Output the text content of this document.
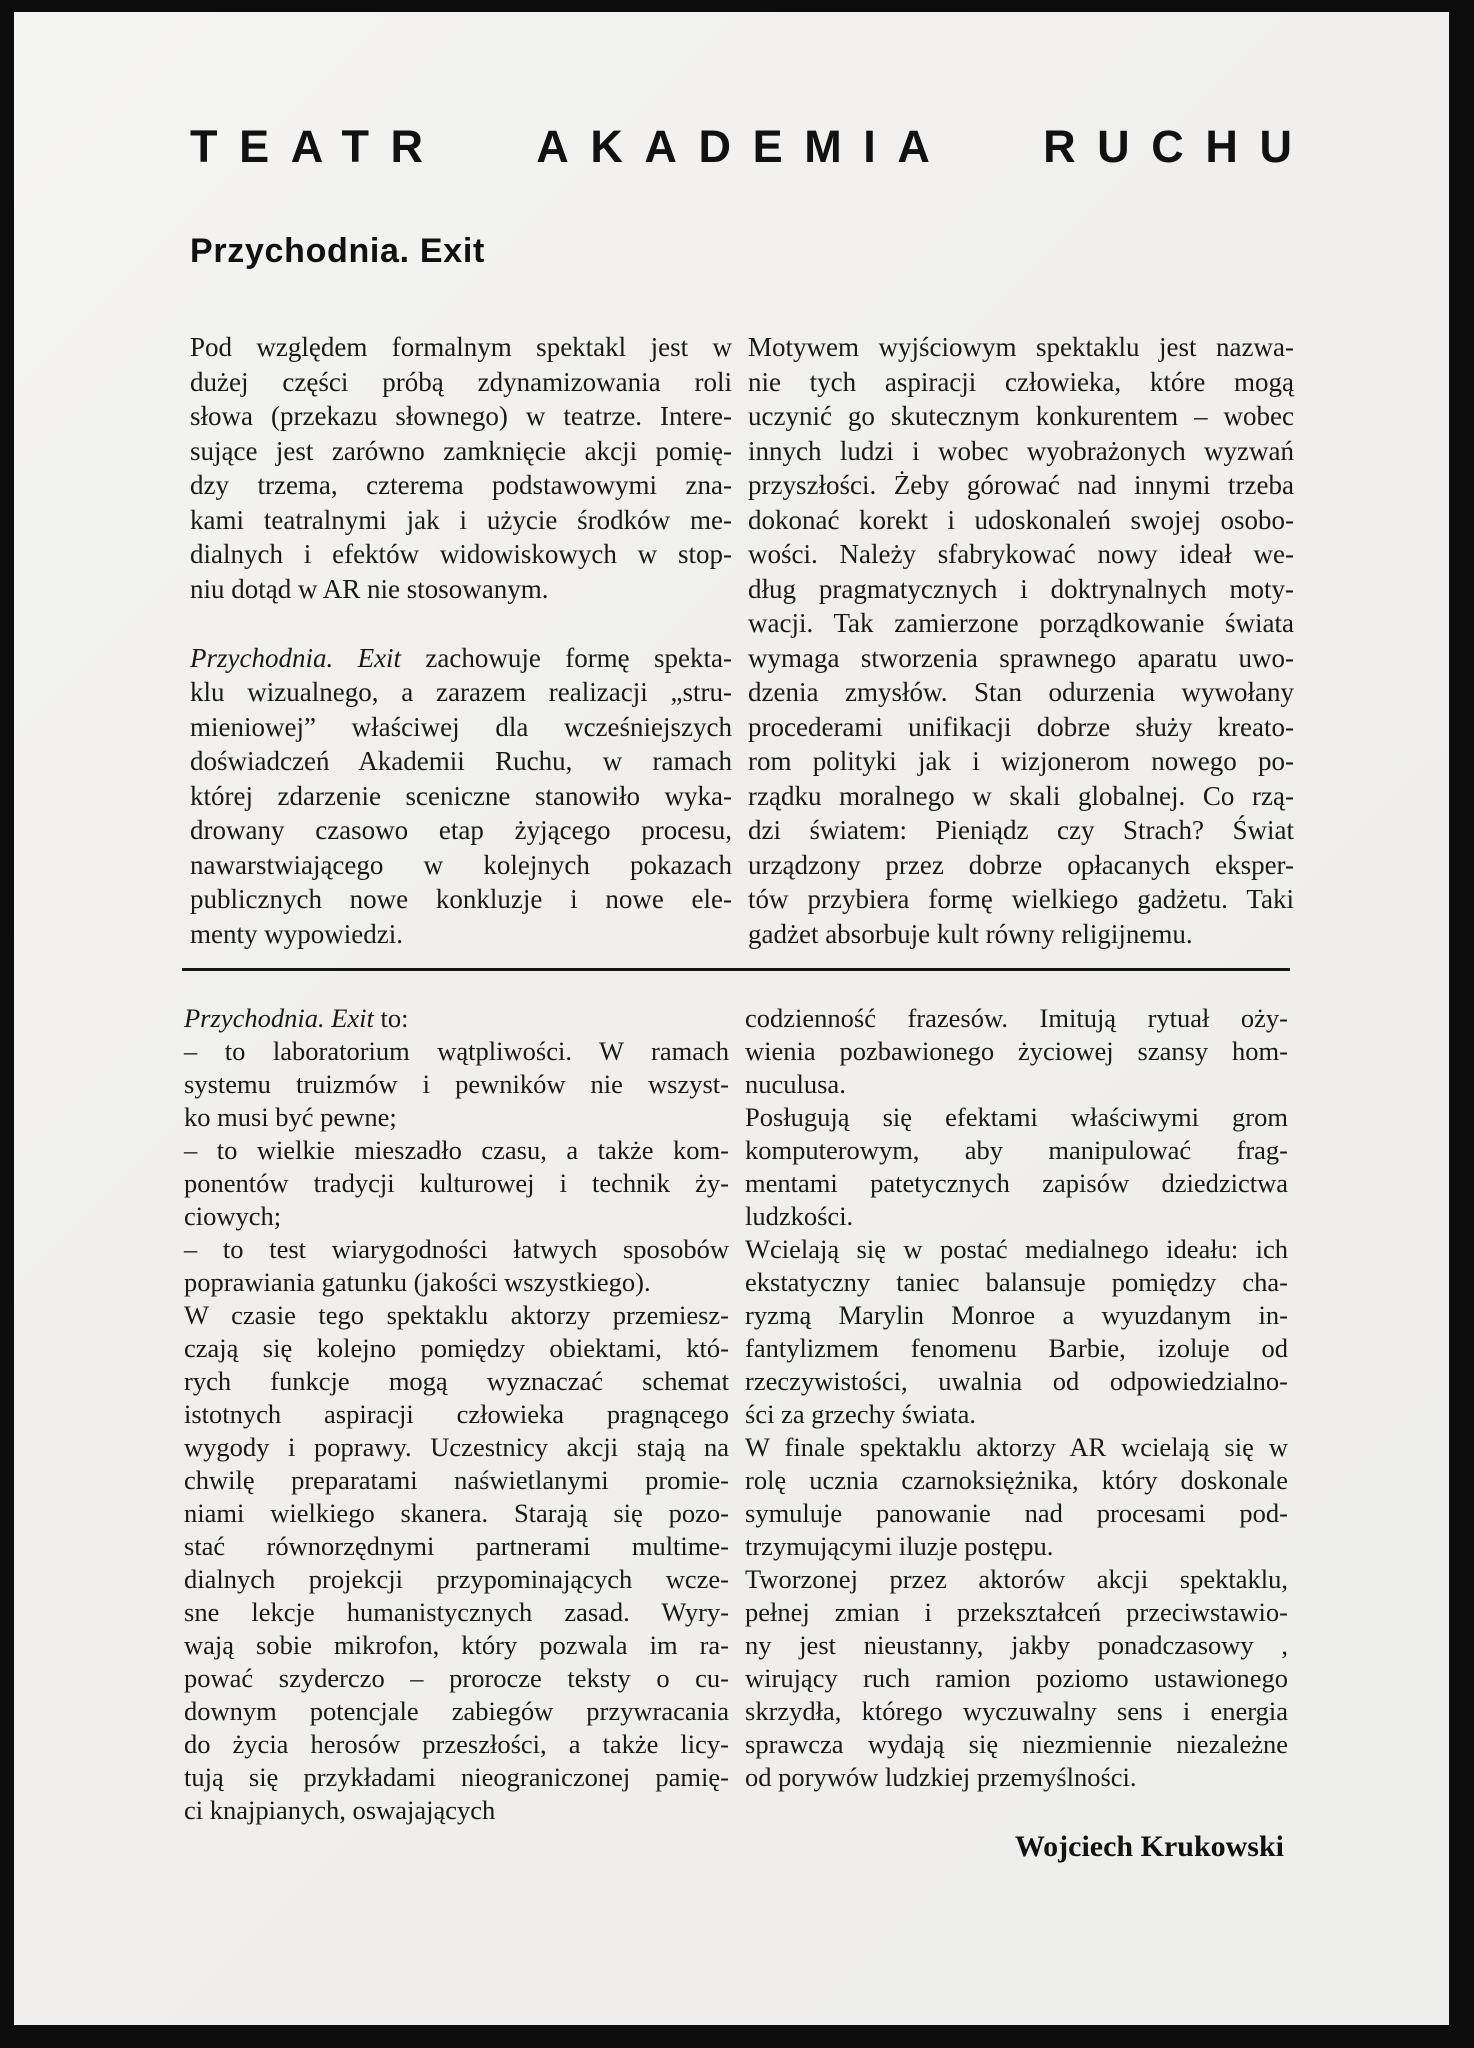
TEATR AKADEMIA RUCHU
Przychodnia. Exit
Pod względem formalnym spektakl jest w
dużej części próbą zdynamizowania roli
słowa (przekazu słownego) w teatrze. Intere-
sujące jest zarówno zamknięcie akcji pomię-
dzy trzema, czterema podstawowymi zna-
kami teatralnymi jak i użycie środków me-
dialnych i efektów widowiskowych w stop-
niu dotąd w AR nie stosowanym.
Przychodnia. Exit zachowuje formę spekta-
klu wizualnego, a zarazem realizacji „stru-
mieniowej” właściwej dla wcześniejszych
doświadczeń Akademii Ruchu, w ramach
której zdarzenie sceniczne stanowiło wyka-
drowany czasowo etap żyjącego procesu,
nawarstwiającego w kolejnych pokazach
publicznych nowe konkluzje i nowe ele-
menty wypowiedzi.
Motywem wyjściowym spektaklu jest nazwa-
nie tych aspiracji człowieka, które mogą
uczynić go skutecznym konkurentem – wobec
innych ludzi i wobec wyobrażonych wyzwań
przyszłości. Żeby górować nad innymi trzeba
dokonać korekt i udoskonaleń swojej osobo-
wości. Należy sfabrykować nowy ideał we-
dług pragmatycznych i doktrynalnych moty-
wacji. Tak zamierzone porządkowanie świata
wymaga stworzenia sprawnego aparatu uwo-
dzenia zmysłów. Stan odurzenia wywołany
procederami unifikacji dobrze służy kreato-
rom polityki jak i wizjonerom nowego po-
rządku moralnego w skali globalnej. Co rzą-
dzi światem: Pieniądz czy Strach? Świat
urządzony przez dobrze opłacanych eksper-
tów przybiera formę wielkiego gadżetu. Taki
gadżet absorbuje kult równy religijnemu.
Przychodnia. Exit to:
– to laboratorium wątpliwości. W ramach
systemu truizmów i pewników nie wszyst-
ko musi być pewne;
– to wielkie mieszadło czasu, a także kom-
ponentów tradycji kulturowej i technik ży-
ciowych;
– to test wiarygodności łatwych sposobów
poprawiania gatunku (jakości wszystkiego).
W czasie tego spektaklu aktorzy przemiesz-
czają się kolejno pomiędzy obiektami, któ-
rych funkcje mogą wyznaczać schemat
istotnych aspiracji człowieka pragnącego
wygody i poprawy. Uczestnicy akcji stają na
chwilę preparatami naświetlanymi promie-
niami wielkiego skanera. Starają się pozo-
stać równorzędnymi partnerami multime-
dialnych projekcji przypominających wcze-
sne lekcje humanistycznych zasad. Wyry-
wają sobie mikrofon, który pozwala im ra-
pować szyderczo – prorocze teksty o cu-
downym potencjale zabiegów przywracania
do życia herosów przeszłości, a także licy-
tują się przykładami nieograniczonej pamię-
ci knajpianych, oswajających
codzienność frazesów. Imitują rytuał oży-
wienia pozbawionego życiowej szansy hom-
nuculusa.
Posługują się efektami właściwymi grom
komputerowym, aby manipulować frag-
mentami patetycznych zapisów dziedzictwa
ludzkości.
Wcielają się w postać medialnego ideału: ich
ekstatyczny taniec balansuje pomiędzy cha-
ryzmą Marylin Monroe a wyuzdanym in-
fantylizmem fenomenu Barbie, izoluje od
rzeczywistości, uwalnia od odpowiedzialno-
ści za grzechy świata.
W finale spektaklu aktorzy AR wcielają się w
rolę ucznia czarnoksiężnika, który doskonale
symuluje panowanie nad procesami pod-
trzymującymi iluzje postępu.
Tworzonej przez aktorów akcji spektaklu,
pełnej zmian i przekształceń przeciwstawio-
ny jest nieustanny, jakby ponadczasowy ,
wirujący ruch ramion poziomo ustawionego
skrzydła, którego wyczuwalny sens i energia
sprawcza wydają się niezmiennie niezależne
od porywów ludzkiej przemyślności.
Wojciech Krukowski
